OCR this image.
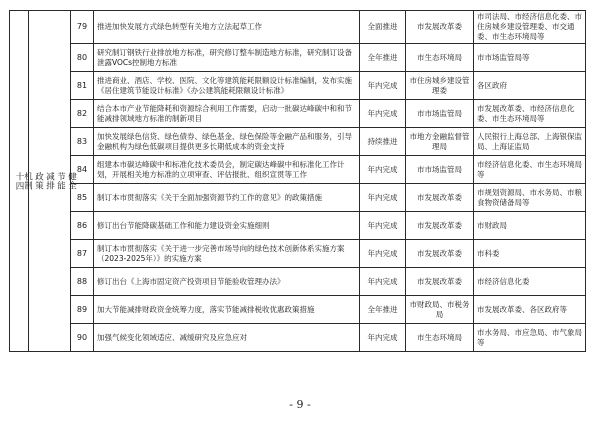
十四	健全
节能
减排
政策
机制	79	推进加快发展方式绿色转型有关地方立法起草工作	全面推进	市发展改革委	市司法局、市经济信息化委、市住房城乡建设管理委、市交通委、市生态环境局等
		80	研究制订钢铁行业排放地方标准，研究修订整车制造地方标准，研究制订设备泄露VOCs控制地方标准	全年推进	市生态环境局	市市场监管局等
		81	推进商业、酒店、学校、医院、文化等建筑能耗限额设计标准编制，发布实施《居住建筑节能设计标准》《办公建筑能耗限额设计标准》	年内完成	市住房城乡建设管理委	各区政府
		82	结合本市产业节能降耗和资源综合利用工作需要，启动一批碳达峰碳中和和节能减排领域地方标准的制新项目	年内完成	市市场监管局	市发展改革委、市经济信息化委、市生态环境局等
		83	加快发展绿色信贷、绿色债券、绿色基金、绿色保险等金融产品和服务，引导金融机构为绿色低碳项目提供更多长期低成本的资金支持	持续推进	市地方金融监督管理局	人民银行上海总部、上海银保监局、上海证监局
		84	组建本市碳达峰碳中和标准化技术委员会，制定碳达峰碳中和标准化工作计划，开展相关地方标准的立项审查、评估报批、组织宣贯等工作	年内完成	市市场监管局	市经济信息化委、市生态环境局等
		85	制订本市贯彻落实《关于全面加强资源节约工作的意见》的政策措施	年内完成	市发展改革委	市规划资源局、市水务局、市粮食物资储备局等
		86	修订出台节能降碳基础工作和能力建设资金实施细则	年内完成	市发展改革委	市财政局
		87	制订本市贯彻落实《关于进一步完善市场导向的绿色技术创新体系实施方案（2023-2025年）》的实施方案	年内完成	市发展改革委	市科委
		88	修订出台《上海市固定资产投资项目节能验收管理办法》	年内完成	市发展改革委	市经济信息化委
		89	加大节能减排财政资金统筹力度，落实节能减排税收优惠政策措施	全年推进	市财政局、市税务局	市发展改革委、各区政府等
		90	加强气候变化领域适应、减缓研究及应急应对	年内完成	市生态环境局	市水务局、市应急局、市气象局等
- 9 -
